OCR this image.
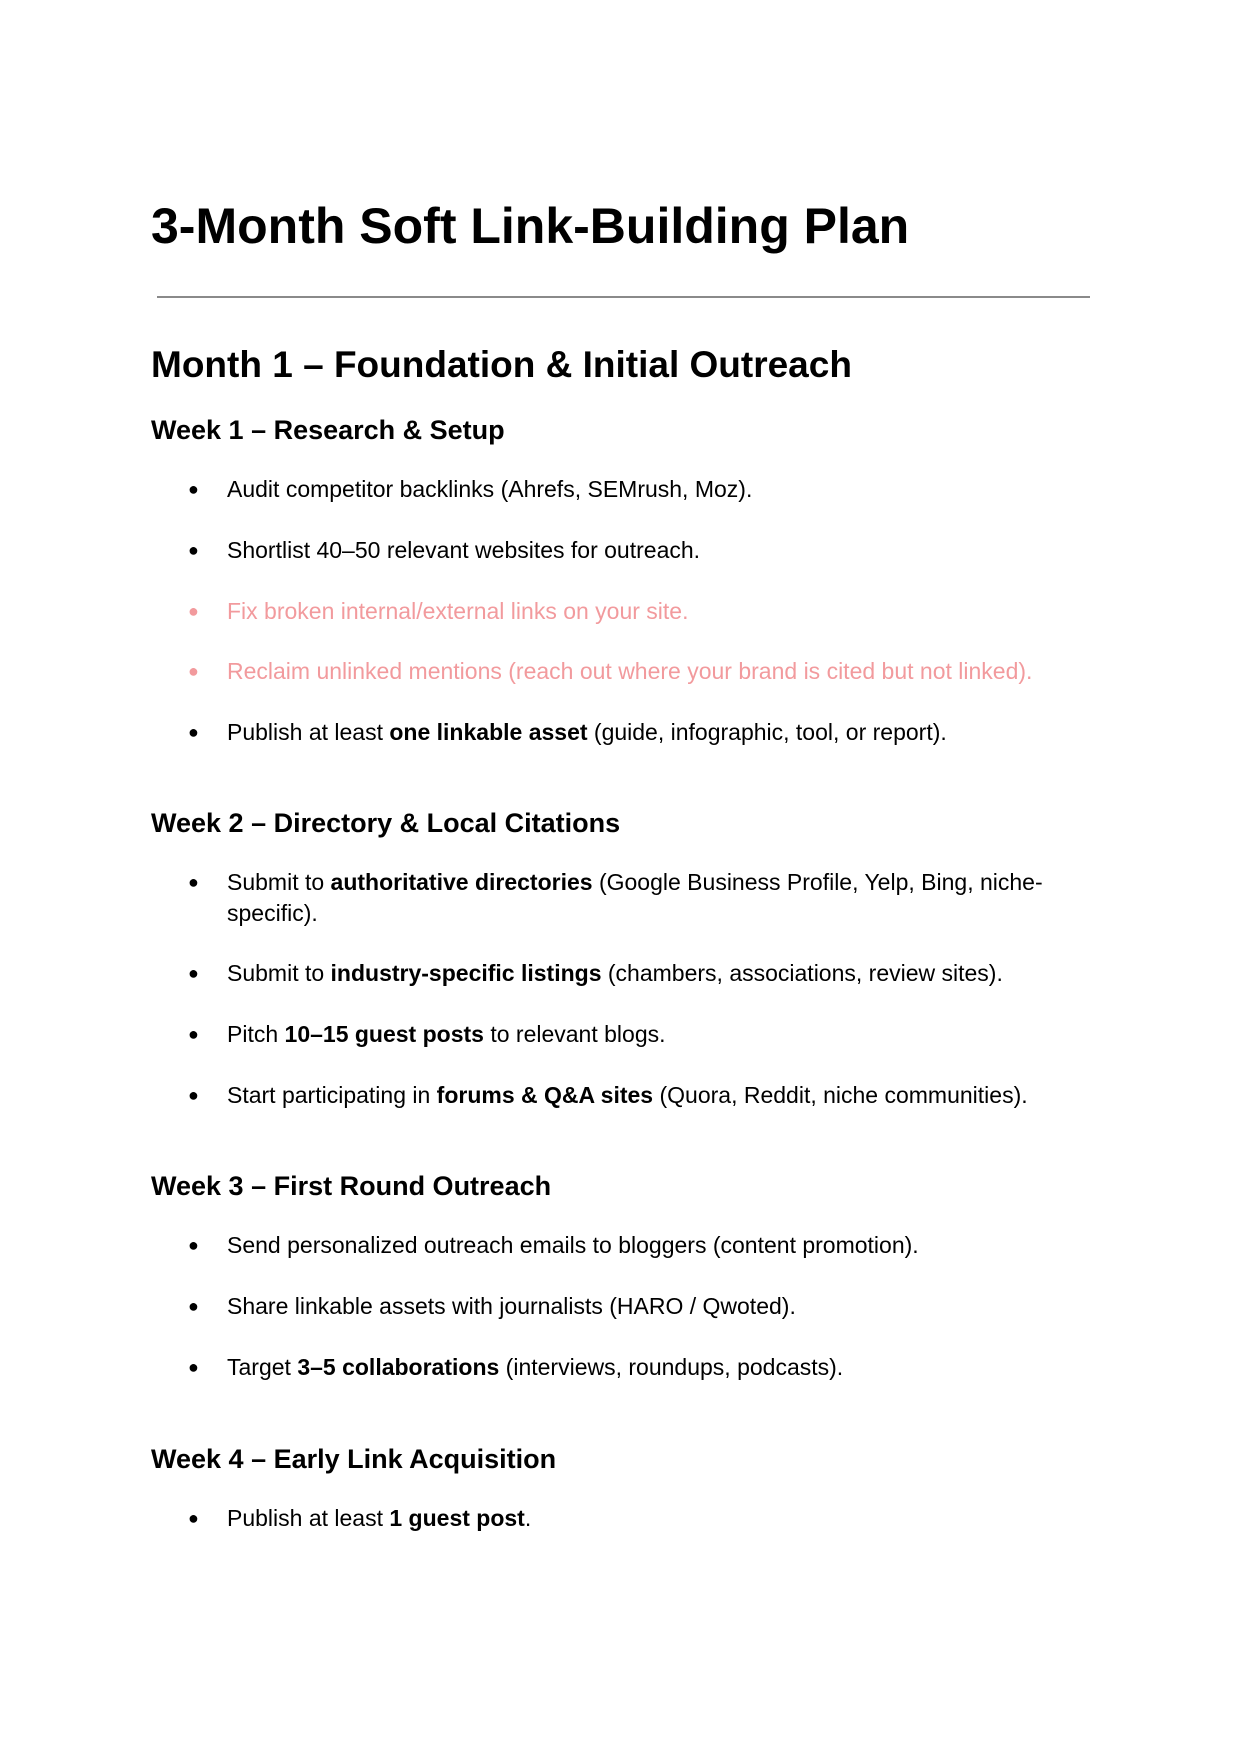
3-Month Soft Link-Building Plan
Month 1 – Foundation & Initial Outreach
Week 1 – Research & Setup
● Audit competitor backlinks (Ahrefs, SEMrush, Moz).
● Shortlist 40–50 relevant websites for outreach.
● Fix broken internal/external links on your site.
● Reclaim unlinked mentions (reach out where your brand is cited but not linked).
● Publish at least one linkable asset (guide, infographic, tool, or report).
Week 2 – Directory & Local Citations
● Submit to authoritative directories (Google Business Profile, Yelp, Bing, niche-specific).
● Submit to industry-specific listings (chambers, associations, review sites).
● Pitch 10–15 guest posts to relevant blogs.
● Start participating in forums & Q&A sites (Quora, Reddit, niche communities).
Week 3 – First Round Outreach
● Send personalized outreach emails to bloggers (content promotion).
● Share linkable assets with journalists (HARO / Qwoted).
● Target 3–5 collaborations (interviews, roundups, podcasts).
Week 4 – Early Link Acquisition
● Publish at least 1 guest post.
